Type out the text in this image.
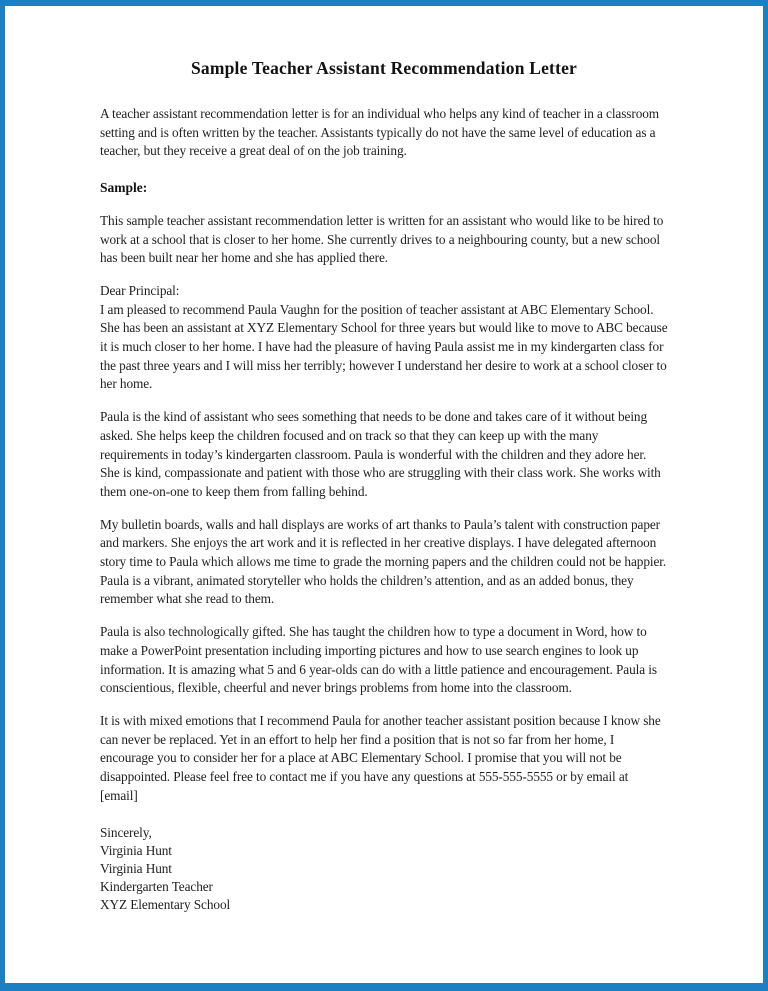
Sample Teacher Assistant Recommendation Letter

A teacher assistant recommendation letter is for an individual who helps any kind of teacher in a classroom setting and is often written by the teacher. Assistants typically do not have the same level of education as a teacher, but they receive a great deal of on the job training.

Sample:

This sample teacher assistant recommendation letter is written for an assistant who would like to be hired to work at a school that is closer to her home. She currently drives to a neighbouring county, but a new school has been built near her home and she has applied there.

Dear Principal:

I am pleased to recommend Paula Vaughn for the position of teacher assistant at ABC Elementary School. She has been an assistant at XYZ Elementary School for three years but would like to move to ABC because it is much closer to her home. I have had the pleasure of having Paula assist me in my kindergarten class for the past three years and I will miss her terribly; however I understand her desire to work at a school closer to her home.

Paula is the kind of assistant who sees something that needs to be done and takes care of it without being asked. She helps keep the children focused and on track so that they can keep up with the many requirements in today’s kindergarten classroom. Paula is wonderful with the children and they adore her. She is kind, compassionate and patient with those who are struggling with their class work. She works with them one-on-one to keep them from falling behind.

My bulletin boards, walls and hall displays are works of art thanks to Paula’s talent with construction paper and markers. She enjoys the art work and it is reflected in her creative displays. I have delegated afternoon story time to Paula which allows me time to grade the morning papers and the children could not be happier. Paula is a vibrant, animated storyteller who holds the children’s attention, and as an added bonus, they remember what she read to them.

Paula is also technologically gifted. She has taught the children how to type a document in Word, how to make a PowerPoint presentation including importing pictures and how to use search engines to look up information. It is amazing what 5 and 6 year-olds can do with a little patience and encouragement. Paula is conscientious, flexible, cheerful and never brings problems from home into the classroom.

It is with mixed emotions that I recommend Paula for another teacher assistant position because I know she can never be replaced. Yet in an effort to help her find a position that is not so far from her home, I encourage you to consider her for a place at ABC Elementary School. I promise that you will not be disappointed. Please feel free to contact me if you have any questions at 555-555-5555 or by email at [email]

Sincerely,
Virginia Hunt
Virginia Hunt
Kindergarten Teacher
XYZ Elementary School
